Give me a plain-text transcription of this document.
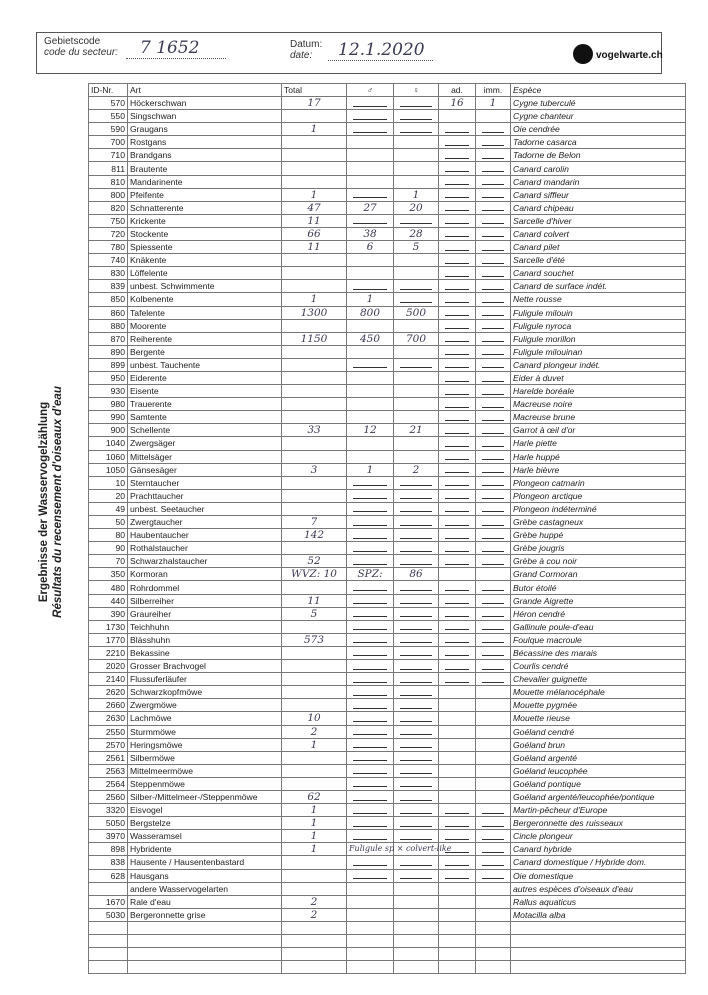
Gebietscode
code du secteur: 7 1652	Datum:
date: 12.1.2020	vogelwarte.ch
Ergebnisse der Wasservogelzählung Résultats du recensement d'oiseaux d'eau
ID-Nr.	Art	Total	♂	♀	ad.	imm.	Espèce
570	Höckerschwan	17			16	1	Cygne tuberculé
550	Singschwan						Cygne chanteur
590	Graugans	1					Oie cendrée
700	Rostgans						Tadorne casarca
710	Brandgans						Tadorne de Belon
811	Brautente						Canard carolin
810	Mandarinente						Canard mandarin
800	Pfeifente	1		1			Canard siffleur
820	Schnatterente	47	27	20			Canard chipeau
750	Krickente	11					Sarcelle d'hiver
720	Stockente	66	38	28			Canard colvert
780	Spiessente	11	6	5			Canard pilet
740	Knäkente						Sarcelle d'été
830	Löffelente						Canard souchet
839	unbest. Schwimmente						Canard de surface indét.
850	Kolbenente	1	1				Nette rousse
860	Tafelente	1300	800	500			Fuligule milouin
880	Moorente						Fuligule nyroca
870	Reiherente	1150	450	700			Fuligule morillon
890	Bergente						Fuligule milouinan
899	unbest. Tauchente						Canard plongeur indét.
950	Eiderente						Eider à duvet
930	Eisente						Harelde boréale
980	Trauerente						Macreuse noire
990	Samtente						Macreuse brune
900	Schellente	33	12	21			Garrot à œil d'or
1040	Zwergsäger						Harle piette
1060	Mittelsäger						Harle huppé
1050	Gänsesäger	3	1	2			Harle bièvre
10	Sterntaucher						Plongeon catmarin
20	Prachttaucher						Plongeon arctique
49	unbest. Seetaucher						Plongeon indéterminé
50	Zwergtaucher	7					Grèbe castagneux
80	Haubentaucher	142					Grèbe huppé
90	Rothalstaucher						Grèbe jougris
70	Schwarzhalstaucher	52					Grèbe à cou noir
350	Kormoran	WVZ: 10	SPZ:	86			Grand Cormoran
480	Rohrdommel						Butor étoilé
440	Silberreiher	11					Grande Aigrette
390	Graureiher	5					Héron cendré
1730	Teichhuhn						Gallinule poule-d'eau
1770	Blässhuhn	573					Foulque macroule
2210	Bekassine						Bécassine des marais
2020	Grosser Brachvogel						Courlis cendré
2140	Flussuferläufer						Chevalier guignette
2620	Schwarzkopfmöwe						Mouette mélanocéphale
2660	Zwergmöwe						Mouette pygmée
2630	Lachmöwe	10					Mouette rieuse
2550	Sturmmöwe	2					Goéland cendré
2570	Heringsmöwe	1					Goéland brun
2561	Silbermöwe						Goéland argenté
2563	Mittelmeermöwe						Goéland leucophée
2564	Steppenmöwe						Goéland pontique
2560	Silber-/Mittelmeer-/Steppenmöwe	62					Goéland argenté/leucophée/pontique
3320	Eisvogel	1					Martin-pêcheur d'Europe
5050	Bergstelze	1					Bergeronnette des ruisseaux
3970	Wasseramsel	1					Cincle plongeur
898	Hybridente	1	Fuligule sp × colvert-like				Canard hybride
838	Hausente / Hausentenbastard						Canard domestique / Hybride dom.
628	Hausgans						Oie domestique
	andere Wasservogelarten						autres espèces d'oiseaux d'eau
1670	Rale d'eau	2					Rallus aquaticus
5030	Bergeronnette grise	2					Motacilla alba
